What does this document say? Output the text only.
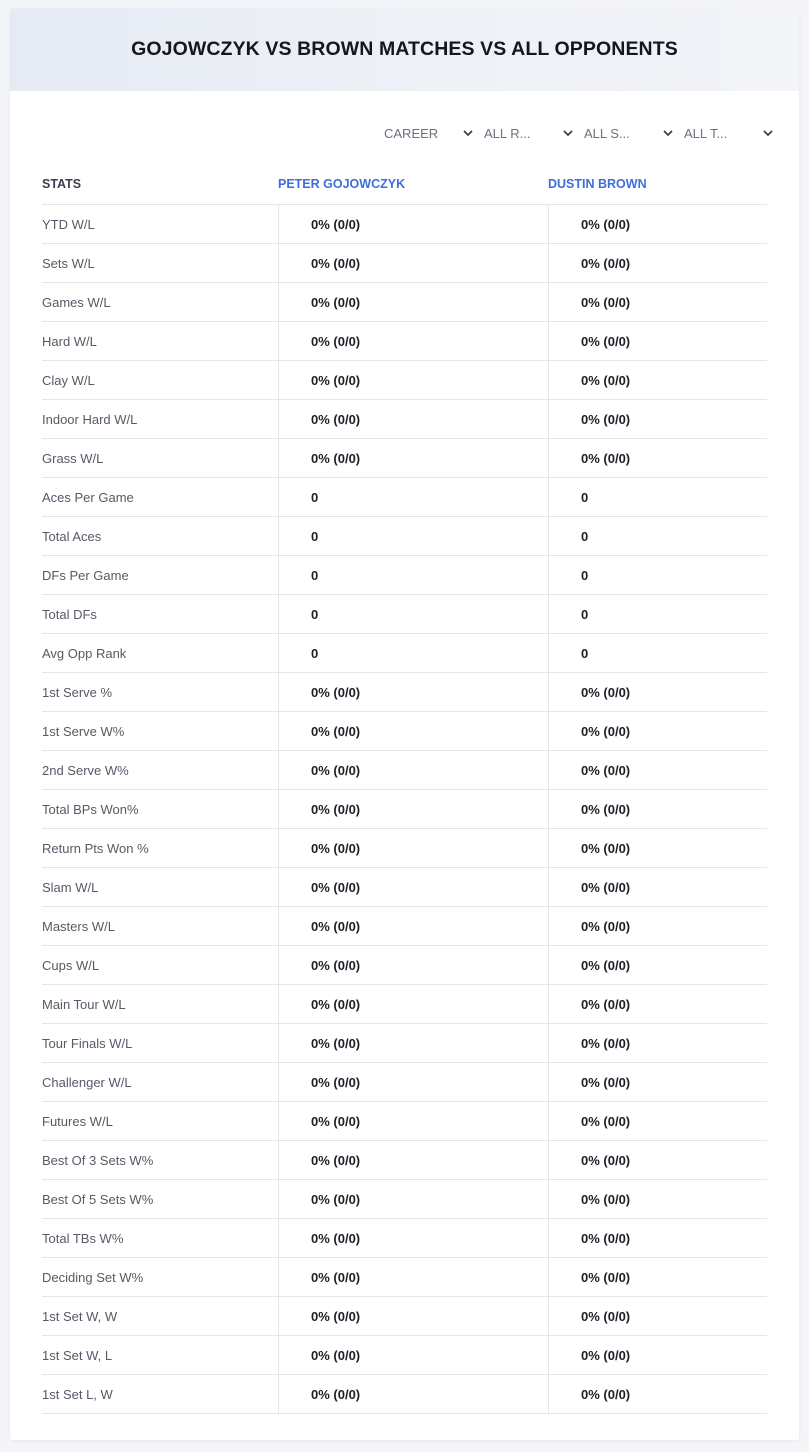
GOJOWCZYK VS BROWN MATCHES VS ALL OPPONENTS
CAREER	ALL R...	ALL S...	ALL T...
STATS	PETER GOJOWCZYK	DUSTIN BROWN
YTD W/L	0% (0/0)	0% (0/0)
Sets W/L	0% (0/0)	0% (0/0)
Games W/L	0% (0/0)	0% (0/0)
Hard W/L	0% (0/0)	0% (0/0)
Clay W/L	0% (0/0)	0% (0/0)
Indoor Hard W/L	0% (0/0)	0% (0/0)
Grass W/L	0% (0/0)	0% (0/0)
Aces Per Game	0	0
Total Aces	0	0
DFs Per Game	0	0
Total DFs	0	0
Avg Opp Rank	0	0
1st Serve %	0% (0/0)	0% (0/0)
1st Serve W%	0% (0/0)	0% (0/0)
2nd Serve W%	0% (0/0)	0% (0/0)
Total BPs Won%	0% (0/0)	0% (0/0)
Return Pts Won %	0% (0/0)	0% (0/0)
Slam W/L	0% (0/0)	0% (0/0)
Masters W/L	0% (0/0)	0% (0/0)
Cups W/L	0% (0/0)	0% (0/0)
Main Tour W/L	0% (0/0)	0% (0/0)
Tour Finals W/L	0% (0/0)	0% (0/0)
Challenger W/L	0% (0/0)	0% (0/0)
Futures W/L	0% (0/0)	0% (0/0)
Best Of 3 Sets W%	0% (0/0)	0% (0/0)
Best Of 5 Sets W%	0% (0/0)	0% (0/0)
Total TBs W%	0% (0/0)	0% (0/0)
Deciding Set W%	0% (0/0)	0% (0/0)
1st Set W, W	0% (0/0)	0% (0/0)
1st Set W, L	0% (0/0)	0% (0/0)
1st Set L, W	0% (0/0)	0% (0/0)
